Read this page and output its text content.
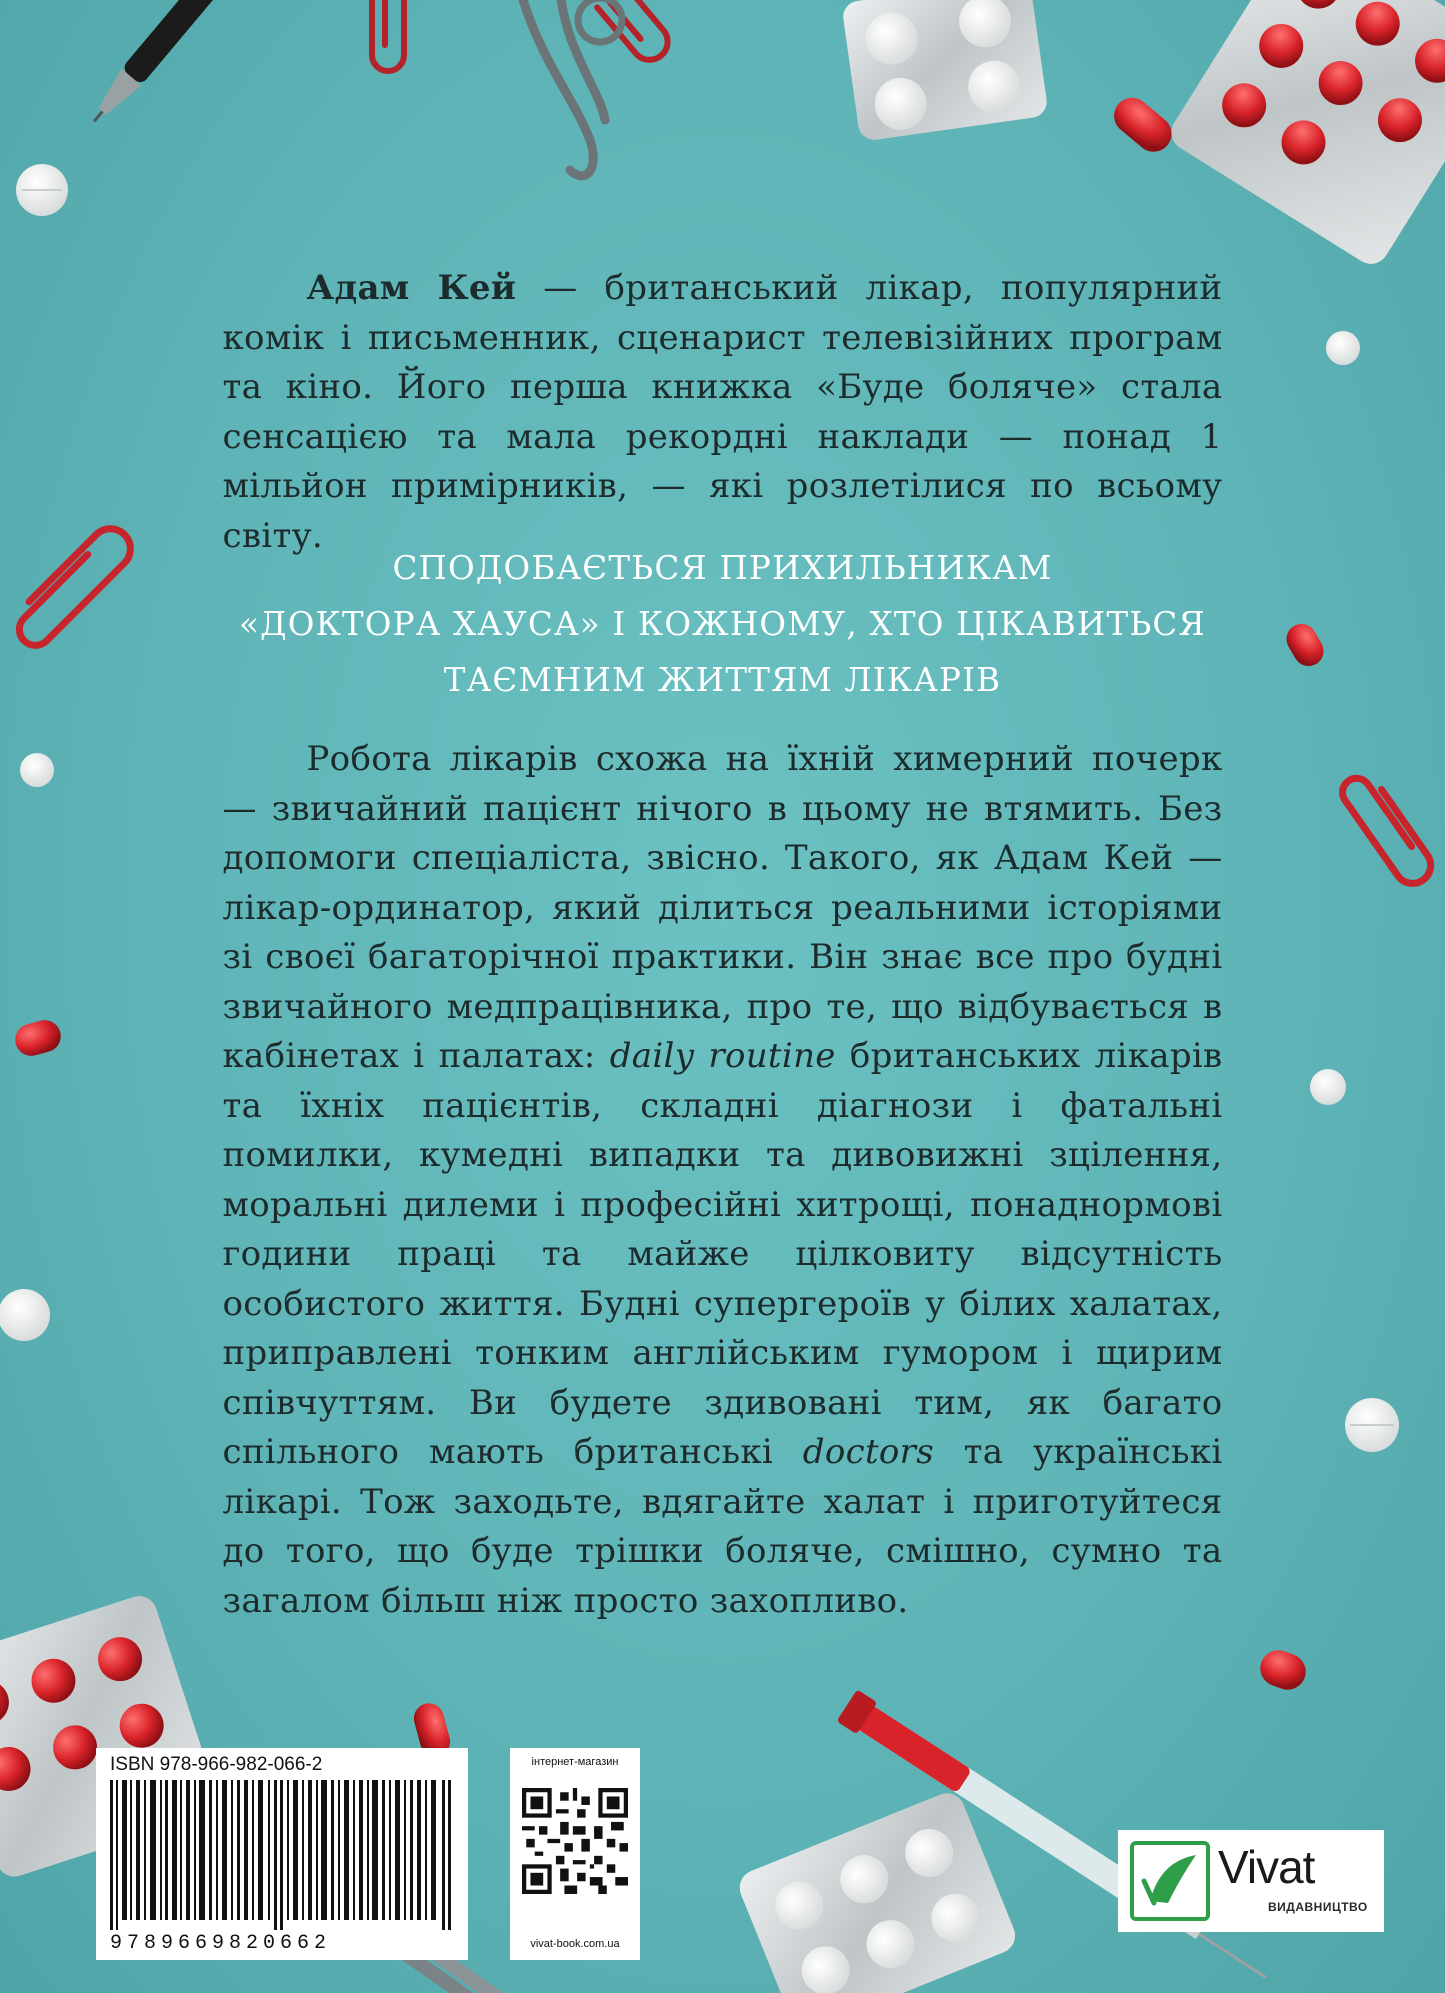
Адам Кей — британський лікар, популярний комік і письменник, сценарист телевізійних програм та кіно. Його перша книжка «Буде боляче» стала сенсацією та мала рекордні наклади — понад 1 мільйон примірників, — які розлетілися по всьому світу.
СПОДОБАЄТЬСЯ ПРИХИЛЬНИКАМ
«ДОКТОРА ХАУСА» І КОЖНОМУ, ХТО ЦІКАВИТЬСЯ
ТАЄМНИМ ЖИТТЯМ ЛІКАРІВ
Робота лікарів схожа на їхній химерний почерк — звичайний пацієнт нічого в цьому не втямить. Без допомоги спеціаліста, звісно. Такого, як Адам Кей — лікар-ординатор, який ділиться реальними історіями зі своєї багаторічної практики. Він знає все про будні звичайного медпрацівника, про те, що відбувається в кабінетах і палатах: daily routine британських лікарів та їхніх пацієнтів, складні діагнози і фатальні помилки, кумедні випадки та дивовижні зцілення, моральні дилеми і професійні хитрощі, понаднормові години праці та майже цілковиту відсутність особистого життя. Будні супергероїв у білих халатах, приправлені тонким англійським гумором і щирим співчуттям. Ви будете здивовані тим, як багато спільного мають британські doctors та українські лікарі. Тож заходьте, вдягайте халат і приготуйтеся до того, що буде трішки боляче, смішно, сумно та загалом більш ніж просто захопливо.
ISBN 978-966-982-066-2
9789669820662
інтернет-магазин
vivat-book.com.ua
Vivat
ВИДАВНИЦТВО
